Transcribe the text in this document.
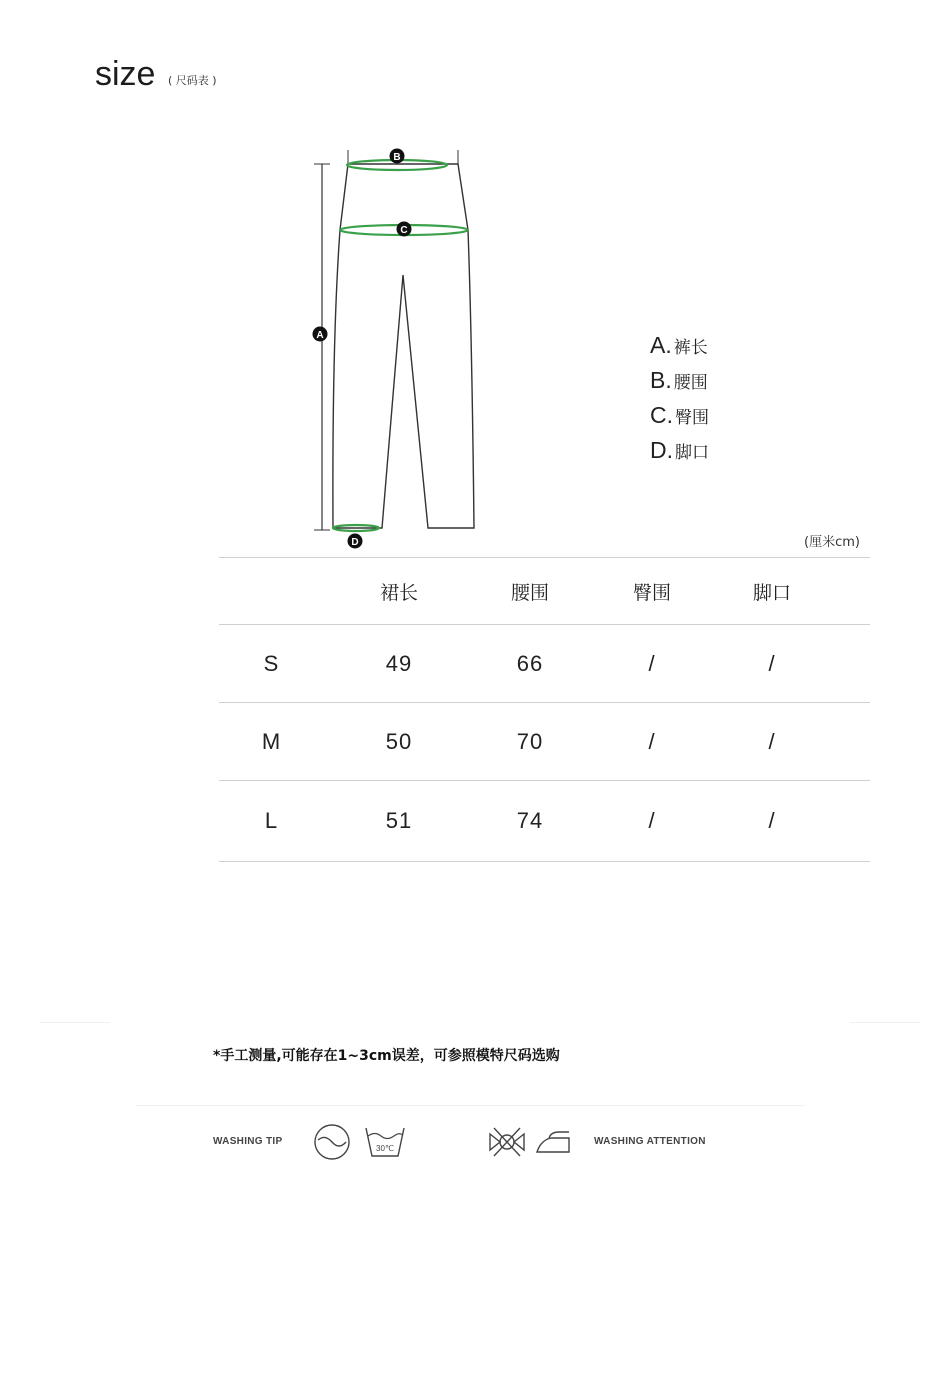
size ( 尺码表 )
A
B
C
D
A. 裤长
B. 腰围
C. 臀围
D. 脚口
(厘米cm)
	裙长	腰围	臀围	脚口	
S	49	66	/	/	
M	50	70	/	/	
L	51	74	/	/	
*手工测量,可能存在1~3cm误差，可参照模特尺码选购
WASHING TIP
30℃
WASHING ATTENTION
